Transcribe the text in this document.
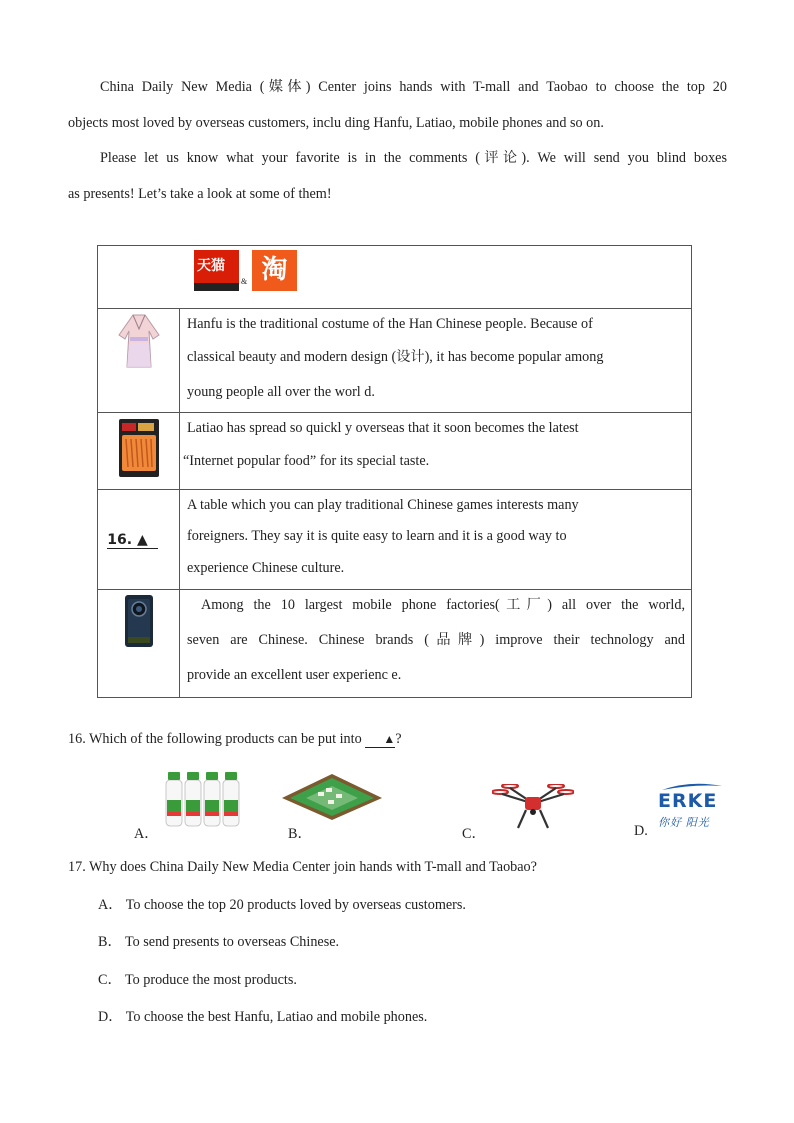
China Daily New Media (媒体) Center joins hands with T-mall and Taobao to choose the top 20
objects most loved by overseas customers, inclu ding Hanfu, Latiao, mobile phones and so on.
Please let us know what your favorite is in the comments (评论). We will send you blind boxes
as presents! Let’s take a look at some of them!
天猫
& 淘	

Hanfu is the traditional costume of the Han Chinese people. Because of
classical beauty and modern design (设计), it has become popular among
young people all over the worl d.

Latiao has spread so quickl y overseas that it soon becomes the latest
“Internet popular food” for its special taste.

16. ▲	A table which you can play traditional Chinese games interests many
foreigners. They say it is quite easy to learn and it is a good way to
experience Chinese culture.

Among the 10 largest mobile phone factories(工厂) all over the world,
seven are Chinese. Chinese brands (品牌) improve their technology and
provide an excellent user experienc e.
16. Which of the following products can be put into ▲?
A．	B．	C．	D.
ERKE
你好 阳光
17. Why does China Daily New Media Center join hands with T-mall and Taobao?
A． To choose the top 20 products loved by overseas customers.
B． To send presents to overseas Chinese.
C． To produce the most products.
D． To choose the best Hanfu, Latiao and mobile phones.
